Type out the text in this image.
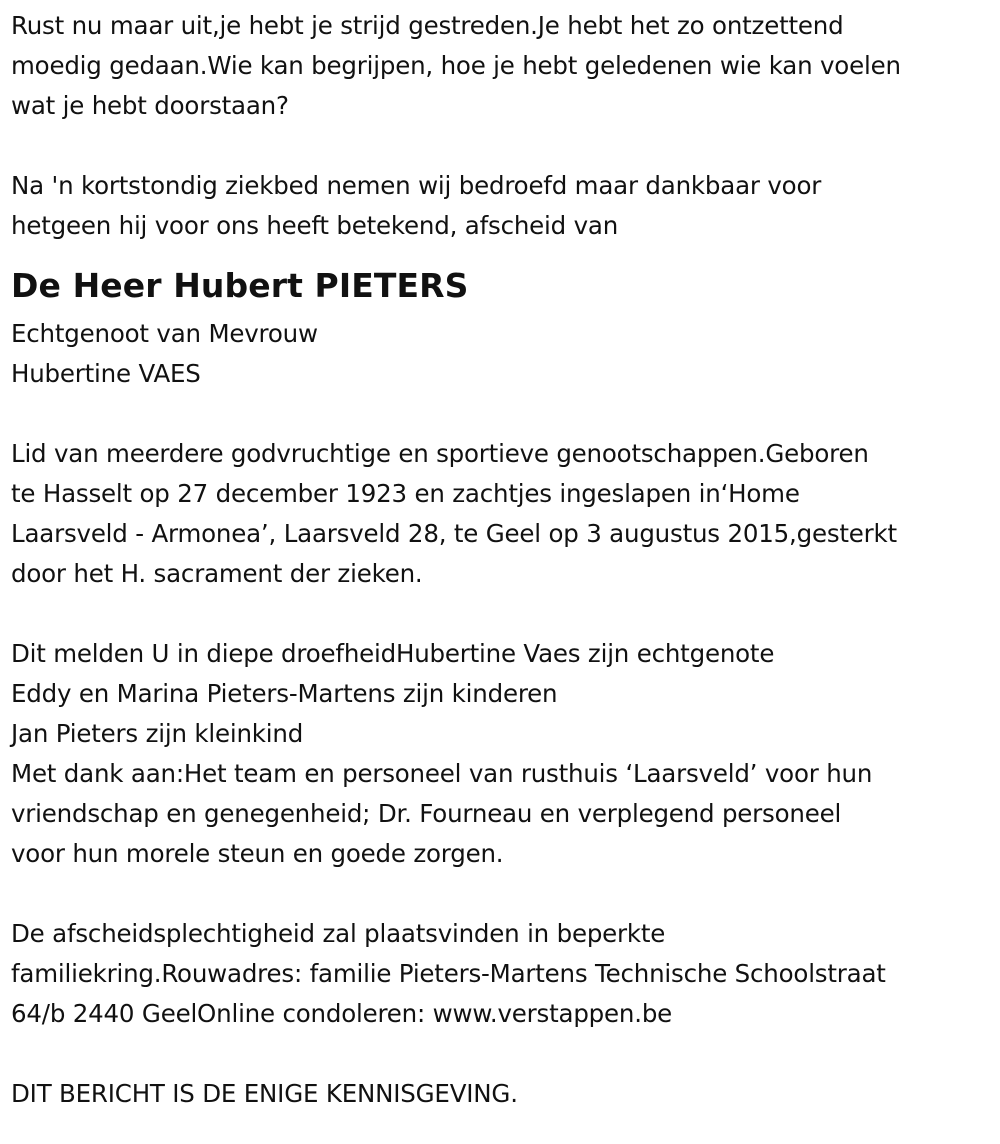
Rust nu maar uit,je hebt je strijd gestreden.Je hebt het zo ontzettend
moedig gedaan.Wie kan begrijpen, hoe je hebt geledenen wie kan voelen
wat je hebt doorstaan?

Na 'n kortstondig ziekbed nemen wij bedroefd maar dankbaar voor
hetgeen hij voor ons heeft betekend, afscheid van

De Heer Hubert PIETERS

Echtgenoot van Mevrouw
Hubertine VAES

Lid van meerdere godvruchtige en sportieve genootschappen.Geboren
te Hasselt op 27 december 1923 en zachtjes ingeslapen in‘Home
Laarsveld - Armonea’, Laarsveld 28, te Geel op 3 augustus 2015,gesterkt
door het H. sacrament der zieken.

Dit melden U in diepe droefheidHubertine Vaes zijn echtgenote
Eddy en Marina Pieters-Martens zijn kinderen
Jan Pieters zijn kleinkind
Met dank aan:Het team en personeel van rusthuis ‘Laarsveld’ voor hun
vriendschap en genegenheid; Dr. Fourneau en verplegend personeel
voor hun morele steun en goede zorgen.

De afscheidsplechtigheid zal plaatsvinden in beperkte
familiekring.Rouwadres: familie Pieters-Martens Technische Schoolstraat
64/b 2440 GeelOnline condoleren: www.verstappen.be

DIT BERICHT IS DE ENIGE KENNISGEVING.
